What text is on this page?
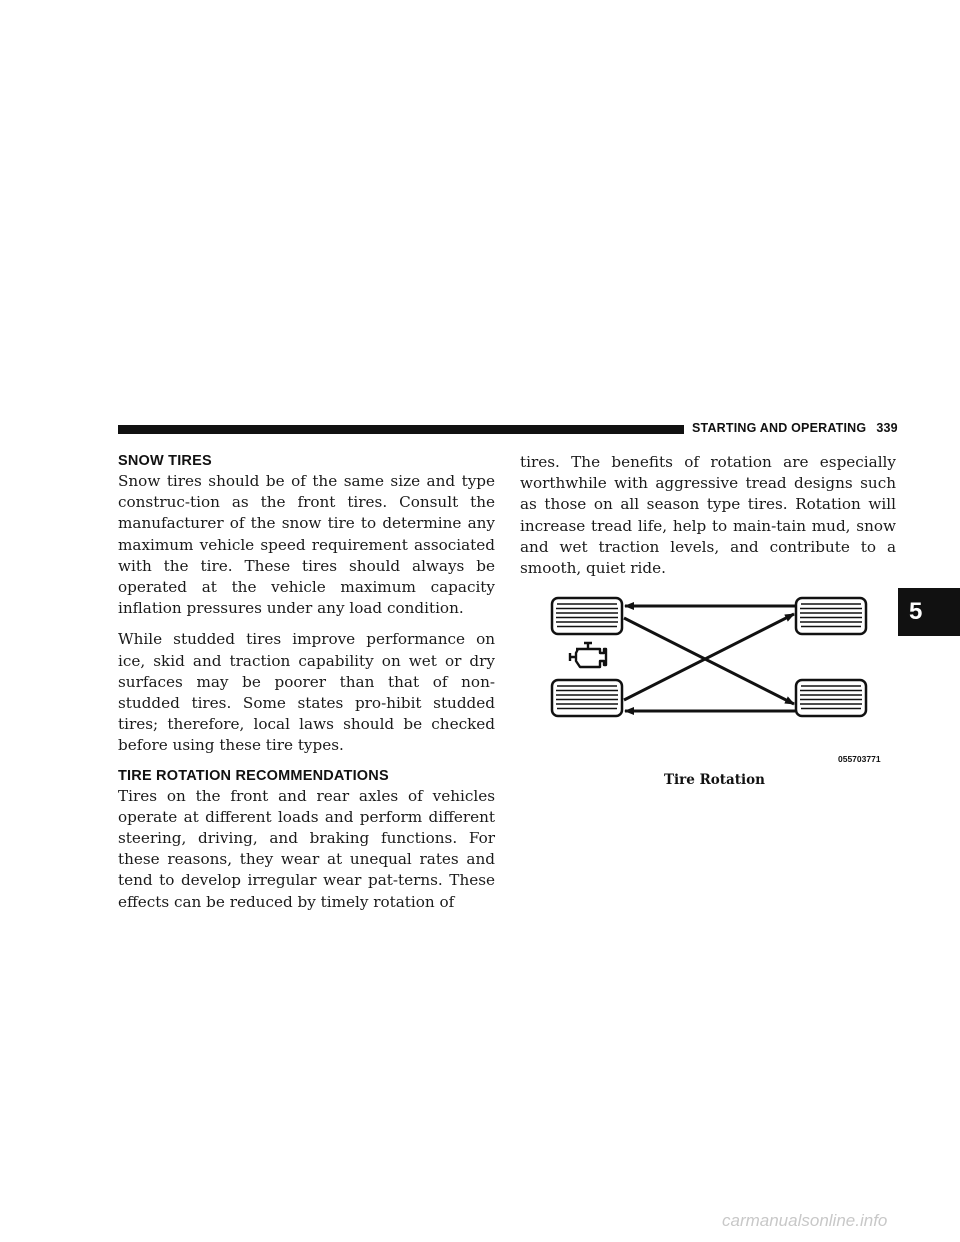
STARTING AND OPERATING 339
SNOW TIRES

Snow tires should be of the same size and type construc-tion as the front tires. Consult the manufacturer of the snow tire to determine any maximum vehicle speed requirement associated with the tire. These tires should always be operated at the vehicle maximum capacity inflation pressures under any load condition.

While studded tires improve performance on ice, skid and traction capability on wet or dry surfaces may be poorer than that of non-studded tires. Some states pro-hibit studded tires; therefore, local laws should be checked before using these tire types.

TIRE ROTATION RECOMMENDATIONS

Tires on the front and rear axles of vehicles operate at different loads and perform different steering, driving, and braking functions. For these reasons, they wear at unequal rates and tend to develop irregular wear pat-terns. These effects can be reduced by timely rotation of

tires. The benefits of rotation are especially worthwhile with aggressive tread designs such as those on all season type tires. Rotation will increase tread life, help to main-tain mud, snow and wet traction levels, and contribute to a smooth, quiet ride.

055703771
Tire Rotation
5
carmanualsonline.info
